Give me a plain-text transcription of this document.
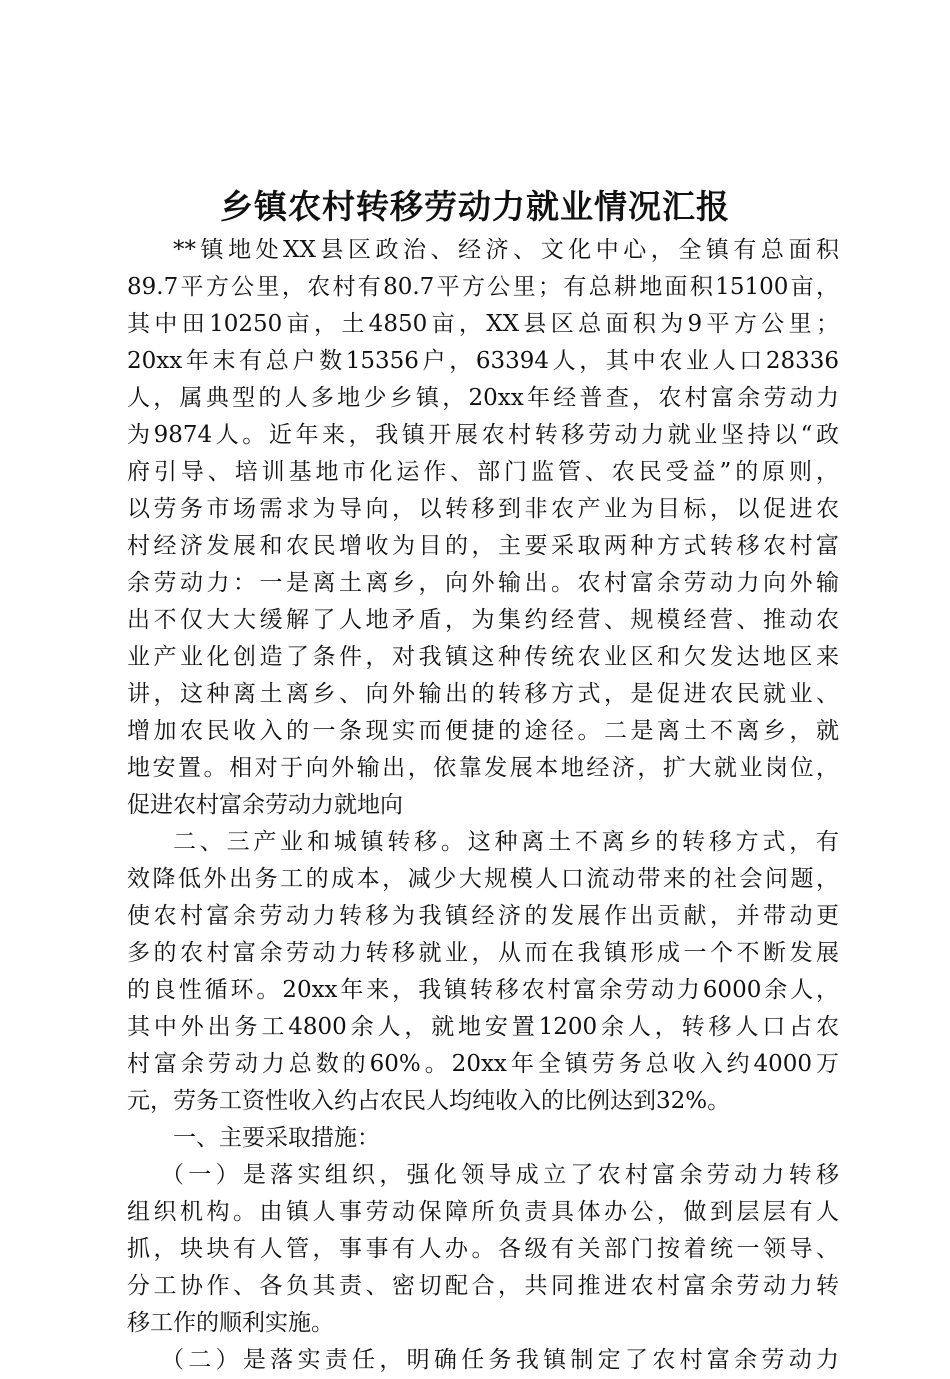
乡镇农村转移劳动力就业情况汇报
**镇地处XX县区政治、经济、文化中心，全镇有总面积
89.7平方公里，农村有80.7平方公里；有总耕地面积15100亩，
其中田10250亩，土4850亩，XX县区总面积为9平方公里；
20xx年末有总户数15356户，63394人，其中农业人口28336
人，属典型的人多地少乡镇，20xx年经普查，农村富余劳动力
为9874人。近年来，我镇开展农村转移劳动力就业坚持以“政
府引导、培训基地市化运作、部门监管、农民受益”的原则，
以劳务市场需求为导向，以转移到非农产业为目标，以促进农
村经济发展和农民增收为目的，主要采取两种方式转移农村富
余劳动力：一是离土离乡，向外输出。农村富余劳动力向外输
出不仅大大缓解了人地矛盾，为集约经营、规模经营、推动农
业产业化创造了条件，对我镇这种传统农业区和欠发达地区来
讲，这种离土离乡、向外输出的转移方式，是促进农民就业、
增加农民收入的一条现实而便捷的途径。二是离土不离乡，就
地安置。相对于向外输出，依靠发展本地经济，扩大就业岗位，
促进农村富余劳动力就地向
二、三产业和城镇转移。这种离土不离乡的转移方式，有
效降低外出务工的成本，减少大规模人口流动带来的社会问题，
使农村富余劳动力转移为我镇经济的发展作出贡献，并带动更
多的农村富余劳动力转移就业，从而在我镇形成一个不断发展
的良性循环。20xx年来，我镇转移农村富余劳动力6000余人，
其中外出务工4800余人，就地安置1200余人，转移人口占农
村富余劳动力总数的60%。20xx年全镇劳务总收入约4000万
元，劳务工资性收入约占农民人均纯收入的比例达到32%。
一、主要采取措施：
（一）是落实组织，强化领导成立了农村富余劳动力转移
组织机构。由镇人事劳动保障所负责具体办公，做到层层有人
抓，块块有人管，事事有人办。各级有关部门按着统一领导、
分工协作、各负其责、密切配合，共同推进农村富余劳动力转
移工作的顺利实施。
（二）是落实责任，明确任务我镇制定了农村富余劳动力
